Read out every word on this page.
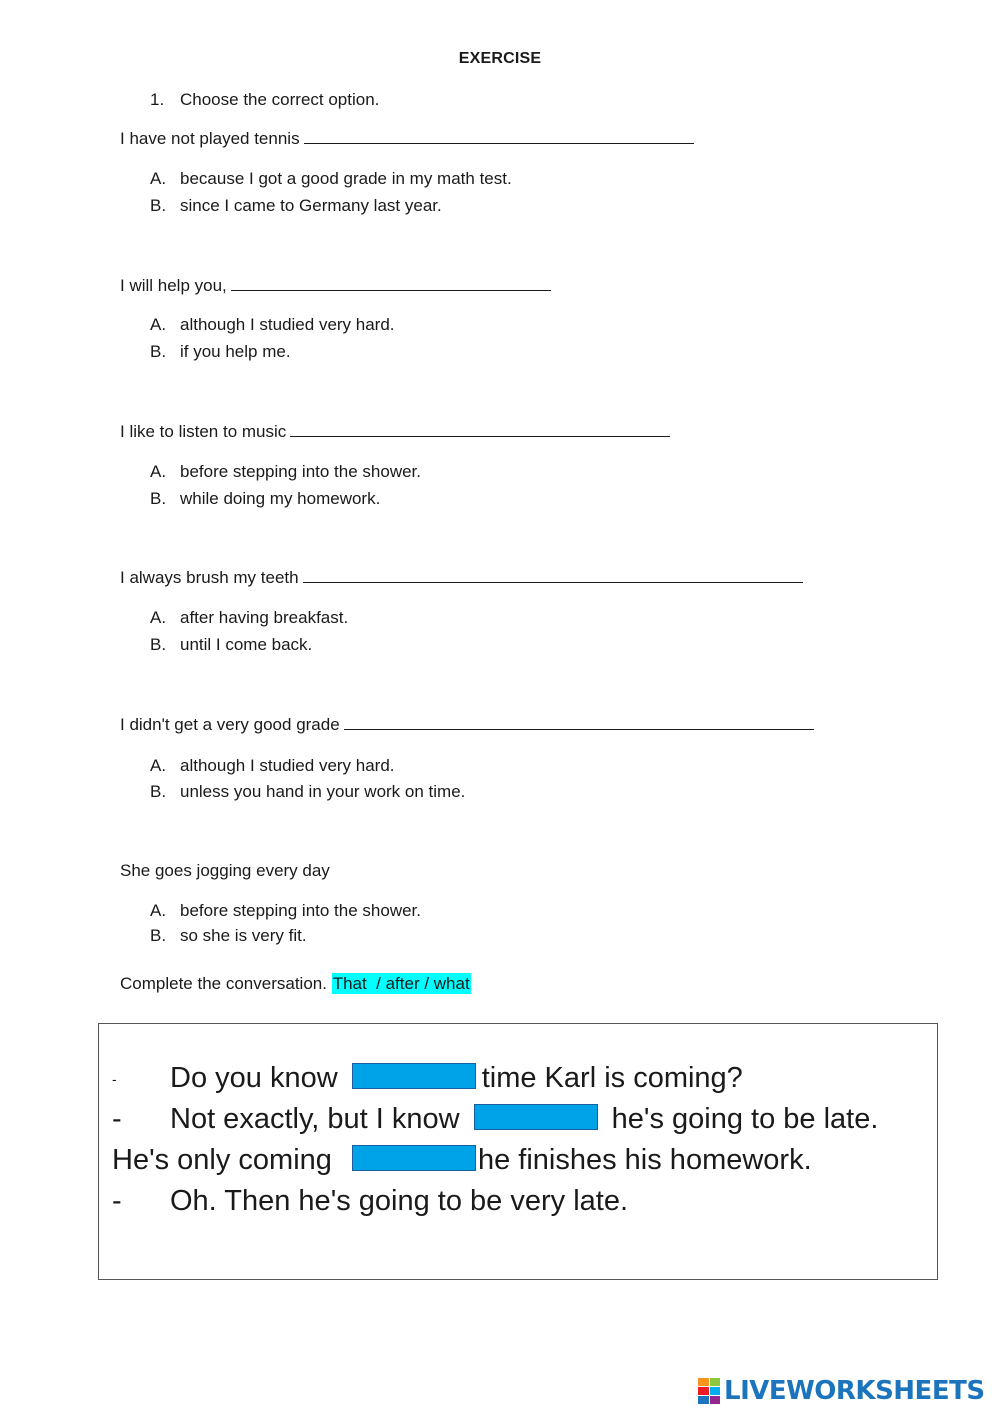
EXERCISE
1. Choose the correct option.
I have not played tennis
A. because I got a good grade in my math test.
B. since I came to Germany last year.
I will help you,
A. although I studied very hard.
B. if you help me.
I like to listen to music
A. before stepping into the shower.
B. while doing my homework.
I always brush my teeth
A. after having breakfast.
B. until I come back.
I didn't get a very good grade
A. although I studied very hard.
B. unless you hand in your work on time.
She goes jogging every day
A. before stepping into the shower.
B. so she is very fit.
Complete the conversation. That  / after / what
- Do you know	time Karl is coming?
- Not exactly, but I know	he's going to be late.
He's only coming	he finishes his homework.
- Oh. Then he's going to be very late.
LIVEWORKSHEETS
